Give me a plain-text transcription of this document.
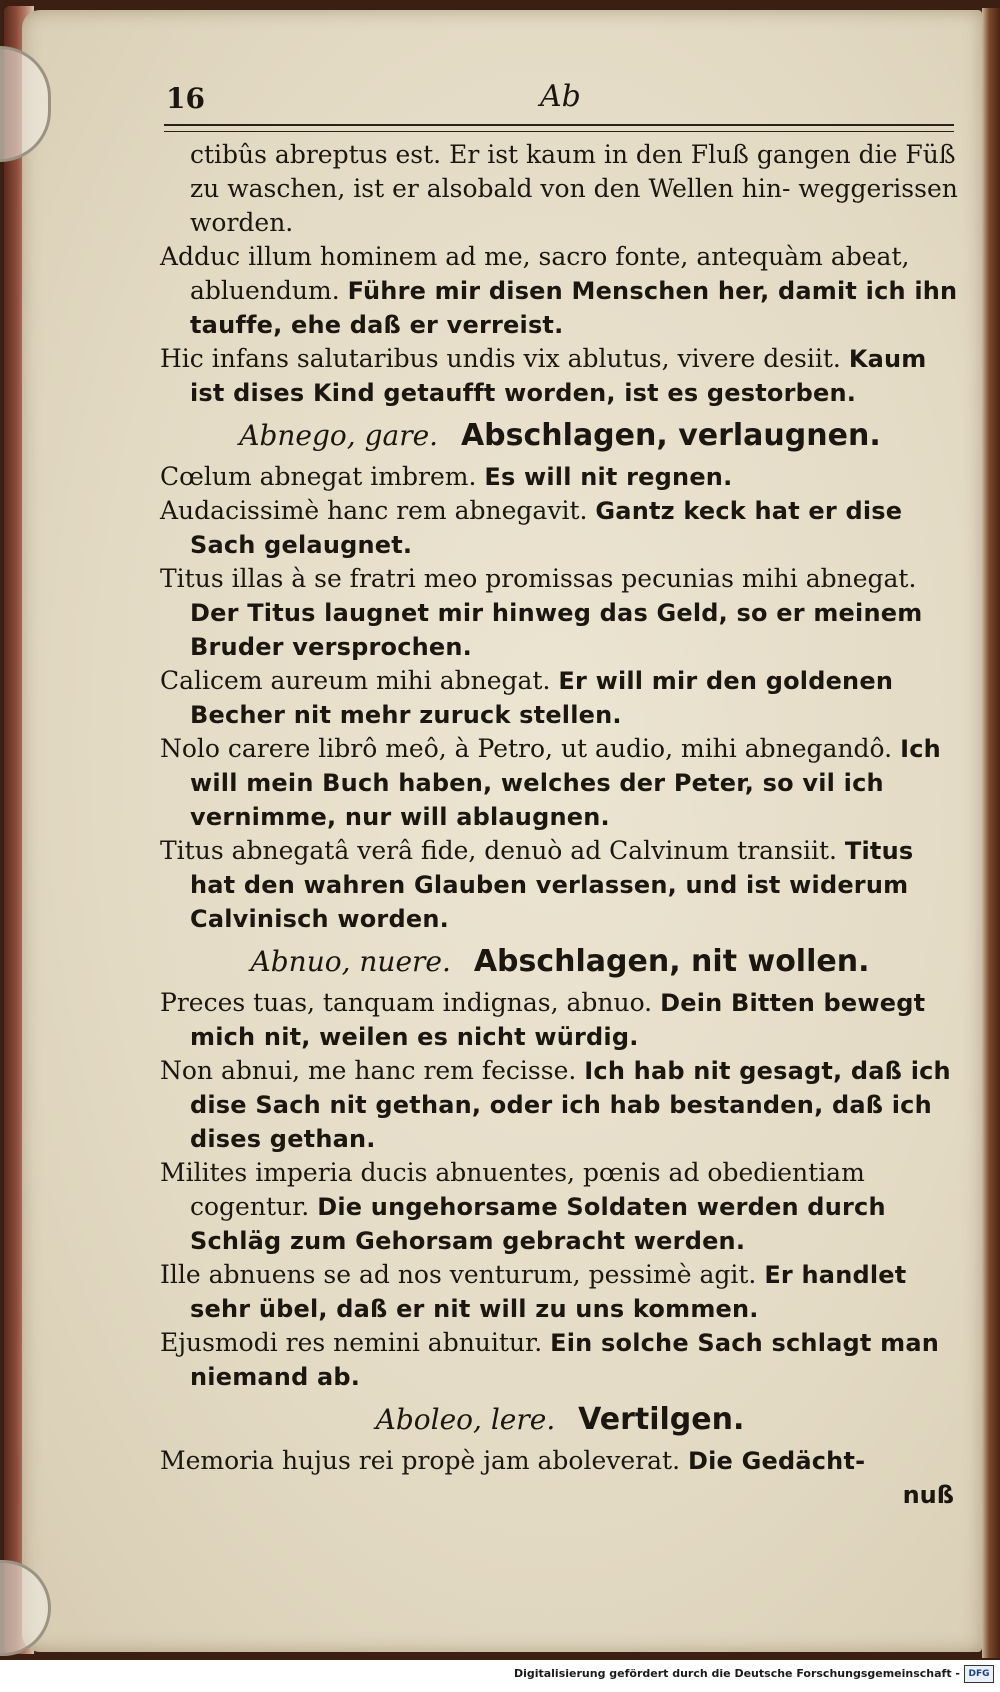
16	Ab

ctibûs abreptus est. Er ist kaum in den Fluß gangen die Füß zu waschen, ist er alsobald von den Wellen hin- weggerissen worden.

Adduc illum hominem ad me, sacro fonte, antequàm abeat, abluendum. Führe mir disen Menschen her, damit ich ihn tauffe, ehe daß er verreist.

Hic infans salutaribus undis vix ablutus, vivere desiit. Kaum ist dises Kind getaufft worden, ist es gestorben.

Abnego, gare. Abschlagen, verlaugnen.

Cœlum abnegat imbrem. Es will nit regnen.

Audacissimè hanc rem abnegavit. Gantz keck hat er dise Sach gelaugnet.

Titus illas à se fratri meo promissas pecunias mihi abnegat. Der Titus laugnet mir hinweg das Geld, so er meinem Bruder versprochen.

Calicem aureum mihi abnegat. Er will mir den goldenen Becher nit mehr zuruck stellen.

Nolo carere librô meô, à Petro, ut audio, mihi abnegandô. Ich will mein Buch haben, welches der Peter, so vil ich vernimme, nur will ablaugnen.

Titus abnegatâ verâ fide, denuò ad Calvinum transiit. Titus hat den wahren Glauben verlassen, und ist widerum Calvinisch worden.

Abnuo, nuere. Abschlagen, nit wollen.

Preces tuas, tanquam indignas, abnuo. Dein Bitten bewegt mich nit, weilen es nicht würdig.

Non abnui, me hanc rem fecisse. Ich hab nit gesagt, daß ich dise Sach nit gethan, oder ich hab bestanden, daß ich dises gethan.

Milites imperia ducis abnuentes, pœnis ad obedientiam cogentur. Die ungehorsame Soldaten werden durch Schläg zum Gehorsam gebracht werden.

Ille abnuens se ad nos venturum, pessimè agit. Er handlet sehr übel, daß er nit will zu uns kommen.

Ejusmodi res nemini abnuitur. Ein solche Sach schlagt man niemand ab.

Aboleo, lere. Vertilgen.

Memoria hujus rei propè jam aboleverat. Die Gedächt-

nuß
Digitalisierung gefördert durch die Deutsche Forschungsgemeinschaft - DFG
